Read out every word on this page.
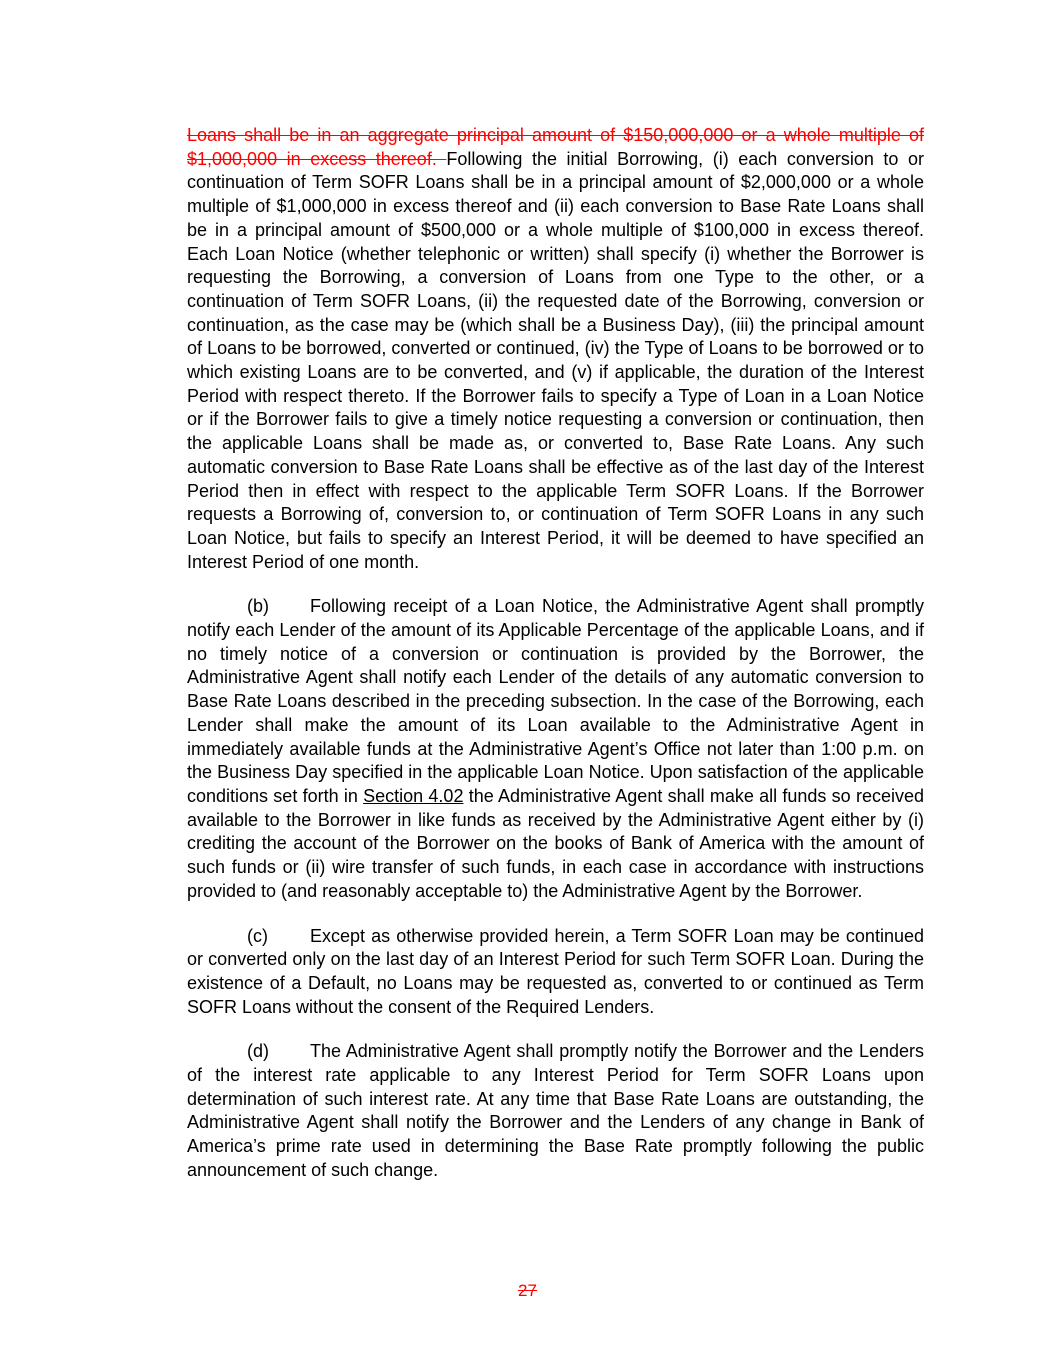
Loans shall be in an aggregate principal amount of $150,000,000 or a whole multiple of $1,000,000 in excess thereof. Following the initial Borrowing, (i) each conversion to or continuation of Term SOFR Loans shall be in a principal amount of $2,000,000 or a whole multiple of $1,000,000 in excess thereof and (ii) each conversion to Base Rate Loans shall be in a principal amount of $500,000 or a whole multiple of $100,000 in excess thereof. Each Loan Notice (whether telephonic or written) shall specify (i) whether the Borrower is requesting the Borrowing, a conversion of Loans from one Type to the other, or a continuation of Term SOFR Loans, (ii) the requested date of the Borrowing, conversion or continuation, as the case may be (which shall be a Business Day), (iii) the principal amount of Loans to be borrowed, converted or continued, (iv) the Type of Loans to be borrowed or to which existing Loans are to be converted, and (v) if applicable, the duration of the Interest Period with respect thereto. If the Borrower fails to specify a Type of Loan in a Loan Notice or if the Borrower fails to give a timely notice requesting a conversion or continuation, then the applicable Loans shall be made as, or converted to, Base Rate Loans. Any such automatic conversion to Base Rate Loans shall be effective as of the last day of the Interest Period then in effect with respect to the applicable Term SOFR Loans. If the Borrower requests a Borrowing of, conversion to, or continuation of Term SOFR Loans in any such Loan Notice, but fails to specify an Interest Period, it will be deemed to have specified an Interest Period of one month.

(b) Following receipt of a Loan Notice, the Administrative Agent shall promptly notify each Lender of the amount of its Applicable Percentage of the applicable Loans, and if no timely notice of a conversion or continuation is provided by the Borrower, the Administrative Agent shall notify each Lender of the details of any automatic conversion to Base Rate Loans described in the preceding subsection. In the case of the Borrowing, each Lender shall make the amount of its Loan available to the Administrative Agent in immediately available funds at the Administrative Agent’s Office not later than 1:00 p.m. on the Business Day specified in the applicable Loan Notice. Upon satisfaction of the applicable conditions set forth in Section 4.02 the Administrative Agent shall make all funds so received available to the Borrower in like funds as received by the Administrative Agent either by (i) crediting the account of the Borrower on the books of Bank of America with the amount of such funds or (ii) wire transfer of such funds, in each case in accordance with instructions provided to (and reasonably acceptable to) the Administrative Agent by the Borrower.

(c) Except as otherwise provided herein, a Term SOFR Loan may be continued or converted only on the last day of an Interest Period for such Term SOFR Loan. During the existence of a Default, no Loans may be requested as, converted to or continued as Term SOFR Loans without the consent of the Required Lenders.

(d) The Administrative Agent shall promptly notify the Borrower and the Lenders of the interest rate applicable to any Interest Period for Term SOFR Loans upon determination of such interest rate. At any time that Base Rate Loans are outstanding, the Administrative Agent shall notify the Borrower and the Lenders of any change in Bank of America’s prime rate used in determining the Base Rate promptly following the public announcement of such change.

27
